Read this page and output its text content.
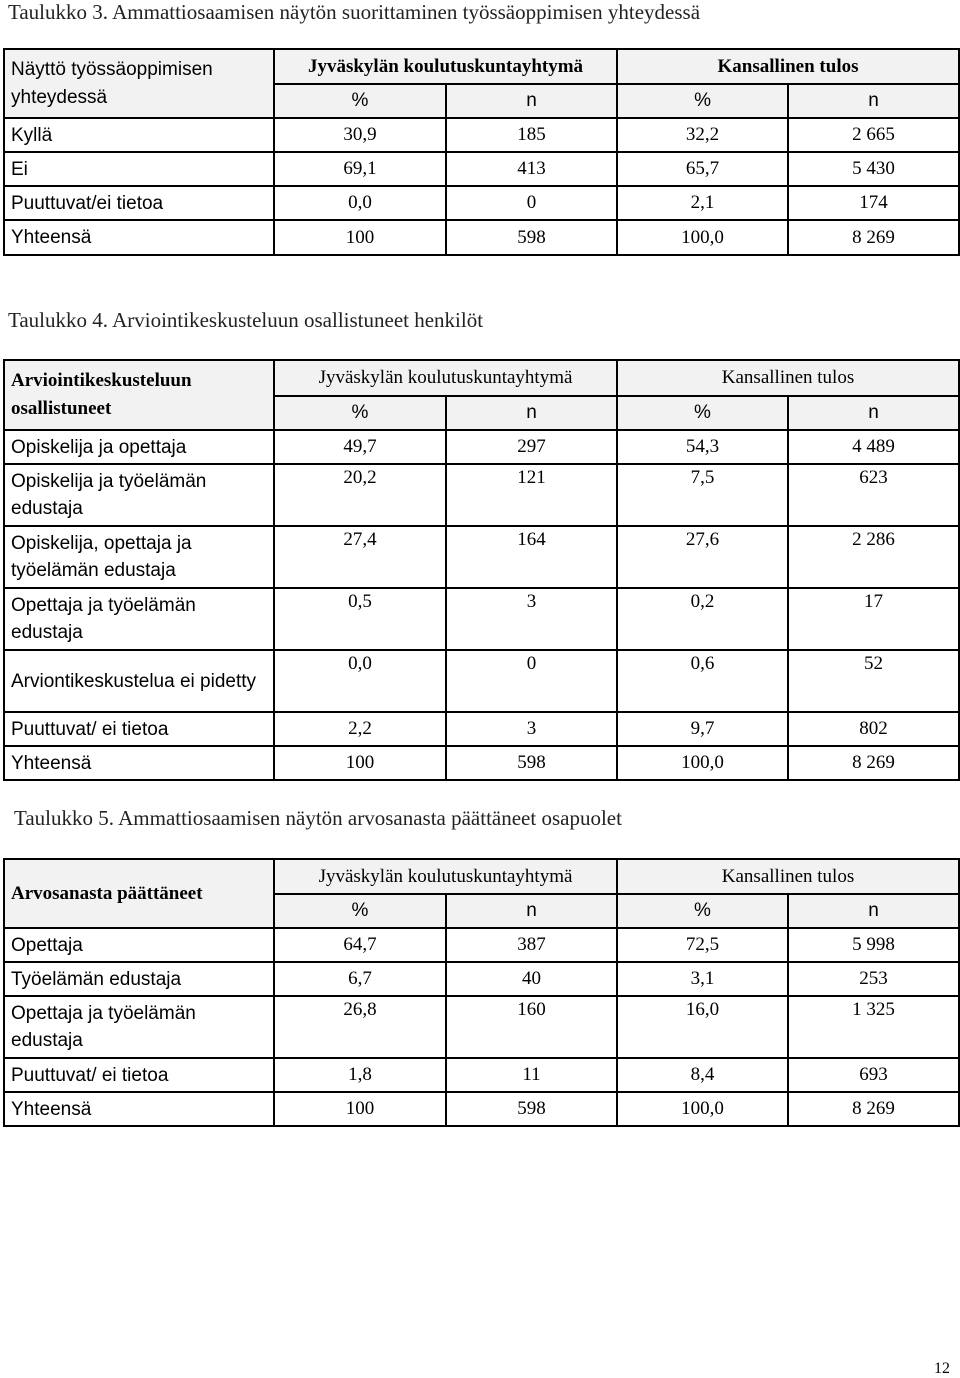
Taulukko 3. Ammattiosaamisen näytön suorittaminen työssäoppimisen yhteydessä
Näyttö työssäoppimisen yhteydessä	Jyväskylän koulutuskuntayhtymä		Kansallinen tulos	
	%	n	%	n
Kyllä	30,9	185	32,2	2 665
Ei	69,1	413	65,7	5 430
Puuttuvat/ei tietoa	0,0	0	2,1	174
Yhteensä	100	598	100,0	8 269
Taulukko 4. Arviointikeskusteluun osallistuneet henkilöt
Arviointikeskusteluun osallistuneet	Jyväskylän koulutuskuntayhtymä		Kansallinen tulos	
	%	n	%	n
Opiskelija ja opettaja	49,7	297	54,3	4 489
Opiskelija ja työelämän edustaja	20,2	121	7,5	623
Opiskelija, opettaja ja työelämän edustaja	27,4	164	27,6	2 286
Opettaja ja työelämän edustaja	0,5	3	0,2	17
Arviontikeskustelua ei pidetty	0,0	0	0,6	52
Puuttuvat/ ei tietoa	2,2	3	9,7	802
Yhteensä	100	598	100,0	8 269
Taulukko 5. Ammattiosaamisen näytön arvosanasta päättäneet osapuolet
Arvosanasta päättäneet	Jyväskylän koulutuskuntayhtymä		Kansallinen tulos	
	%	n	%	n
Opettaja	64,7	387	72,5	5 998
Työelämän edustaja	6,7	40	3,1	253
Opettaja ja työelämän edustaja	26,8	160	16,0	1 325
Puuttuvat/ ei tietoa	1,8	11	8,4	693
Yhteensä	100	598	100,0	8 269
12
